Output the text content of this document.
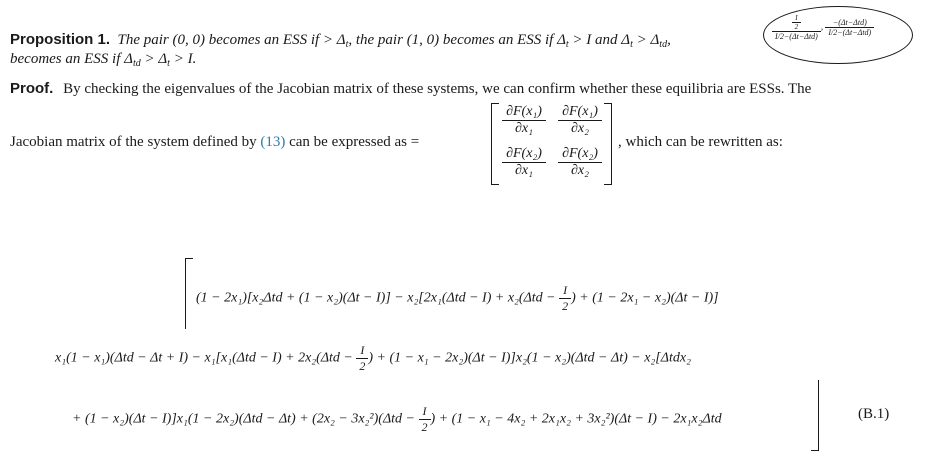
Proposition 1. The pair (0, 0) becomes an ESS if > $\Delta_t$, the pair (1, 0) becomes an ESS if $\Delta_t > I$ and $\Delta_t > \Delta_{td}$,	$\frac{\frac{I}{2}}{\text{I/2−(Δt−Δtd)}}$ , $\frac{\text{−(Δt−Δtd)}}{\text{I/2−(Δt−Δtd)}}$
becomes an ESS if $\Delta_{td} > \Delta_t > I$.
Proof. By checking the eigenvalues of the Jacobian matrix of these systems, we can confirm whether these equilibria are ESSs. The
Jacobian matrix of the system defined by (13) can be expressed as =
$\frac{\text{∂F(x₁)}}{\text{∂x₁}} \frac{\text{∂F(x₁)}}{\text{∂x₂}}$
$\frac{\text{∂F(x₂)}}{\text{∂x₁}} \frac{\text{∂F(x₂)}}{\text{∂x₂}}$
, which can be rewritten as:
$(1 - 2x_1)[x_2\Delta td + (1 - x_2)(\Delta t - I)] - x_2[2x_1(\Delta td - I) + x_2(\Delta td - \frac{I}{2}$ ) + (1 − 2x₁ − x₂)(Δt − I)]
$x_1(1 - x_1)(\Delta td - \Delta t + I) - x_1[x_1(\Delta td - I) + 2x_2(\Delta td - \frac{I}{2}$ ) + (1 − x₁ − 2x₂)(Δt − I)]x₂(1 − x₂)(Δtd − Δt) − x₂[Δtdx₂
+ $(1 - x_2)(\Delta t - I)]x_1(1 - 2x_2)(\Delta td - \Delta t) + (2x_2 - 3x_2^2)(\Delta td - \frac{I}{2}$ ) + (1 − x₁ − 4x₂ + 2x₁x₂ + 3x₂²)(Δt − I) − 2x₁x₂Δtd	(B.1)
